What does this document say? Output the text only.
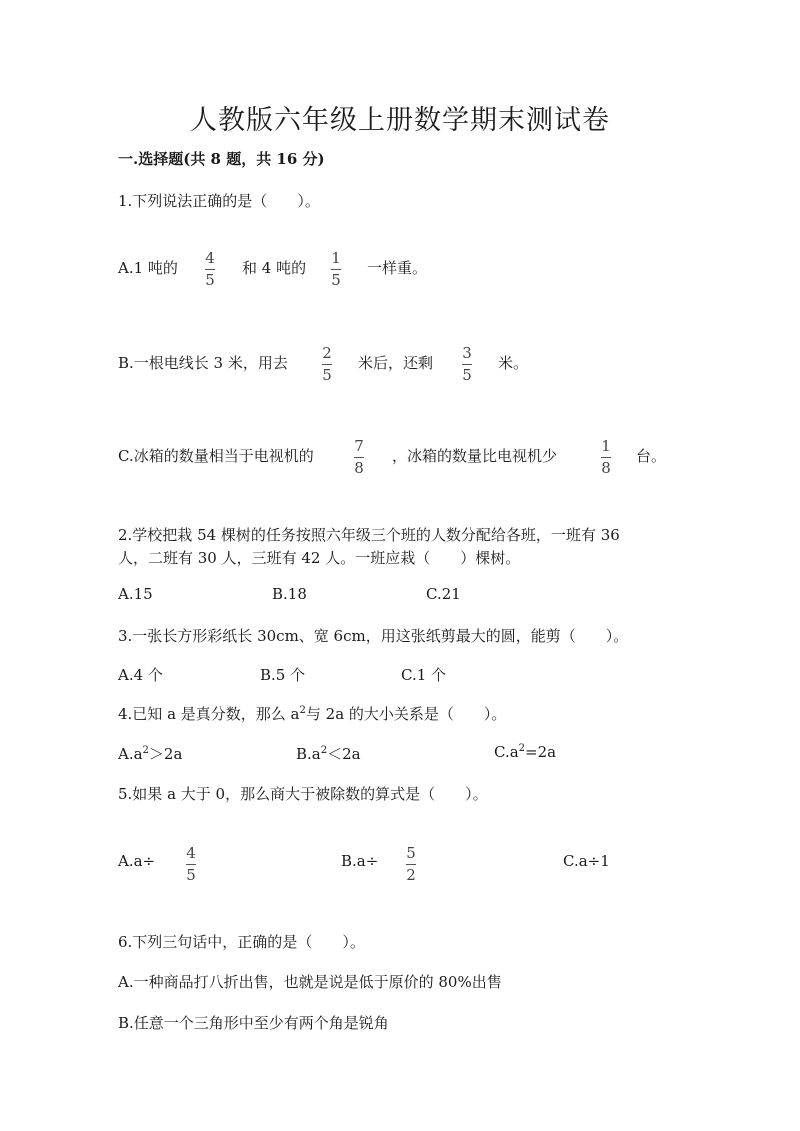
人教版六年级上册数学期末测试卷
一.选择题(共 8 题，共 16 分)
1.下列说法正确的是（　　）。
A.1 吨的
4
5
和 4 吨的
1
5
一样重。
B.一根电线长 3 米，用去
2
5
米后，还剩
3
5
米。
C.冰箱的数量相当于电视机的
7
8
，冰箱的数量比电视机少
1
8
台。
2.学校把栽 54 棵树的任务按照六年级三个班的人数分配给各班，一班有 36
人，二班有 30 人，三班有 42 人。一班应栽（　　）棵树。
A.15	B.18	C.21
3.一张长方形彩纸长 30cm、宽 6cm，用这张纸剪最大的圆，能剪（　　）。
A.4 个	B.5 个	C.1 个
4.已知 a 是真分数，那么 $a^2$与 2a 的大小关系是（　　）。
$A.a^2>2a$	$B.a^2<2a$	$C.a^2=2a$
5.如果 a 大于 0，那么商大于被除数的算式是（　　）。
A.a÷ 4
5
B.a÷ 5
2
C.a÷1
6.下列三句话中，正确的是（　　）。
A.一种商品打八折出售，也就是说是低于原价的 80%出售
B.任意一个三角形中至少有两个角是锐角
